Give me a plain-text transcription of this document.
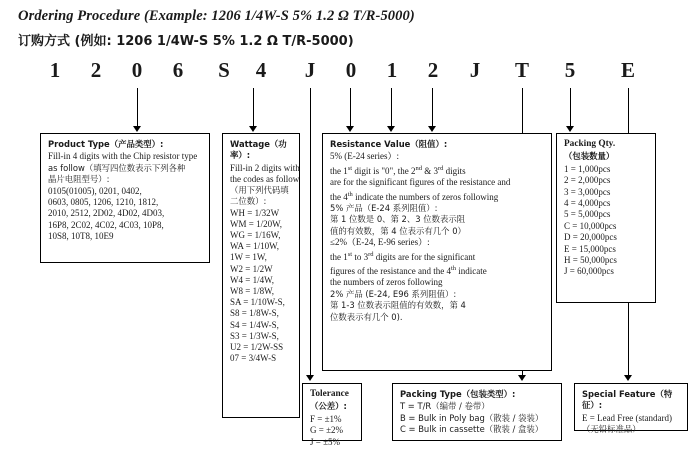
Ordering Procedure (Example: 1206 1/4W-S 5% 1.2 Ω T/R-5000)
订购方式 (例如: 1206 1/4W-S 5% 1.2 Ω T/R-5000)
1 2 0 6 S 4 J 0 1 2 J T 5 E
Product Type（产品类型）:
Fill-in 4 digits with the Chip resistor type
as follow（填写四位数表示下列各种
晶片电阻型号）:
0105(01005), 0201, 0402,
0603, 0805, 1206, 1210, 1812,
2010, 2512, 2D02, 4D02, 4D03,
16P8, 2C02, 4C02, 4C03, 10P8,
10S8, 10T8, 10E9
Wattage（功率）:
Fill-in 2 digits with
the codes as follow
（用下列代码填
二位数）:
WH = 1/32W
WM = 1/20W,
WG = 1/16W,
WA = 1/10W,
1W = 1W,
W2 = 1/2W
W4 = 1/4W,
W8 = 1/8W,
SA = 1/10W-S,
S8 = 1/8W-S,
S4 = 1/4W-S,
S3 = 1/3W-S,
U2 = 1/2W-SS
07 = 3/4W-S
Resistance Value（阻值）:
5% (E-24 series）:
the 1st digit is "0", the 2nd & 3rd digits
are for the significant figures of the resistance and
the 4th indicate the numbers of zeros following
5% 产品（E-24 系列阻值）:
第 1 位数是 0、第 2、3 位数表示阻
值的有效数，第 4 位表示有几个 0）
≤2%（E-24, E-96 series）:
the 1st to 3rd digits are for the significant
figures of the resistance and the 4th indicate
the numbers of zeros following
2% 产品 (E-24, E96 系列阻值）:
第 1-3 位数表示阻值的有效数，第 4
位数表示有几个 0).
Packing Qty.
（包装数量）
1 = 1,000pcs
2 = 2,000pcs
3 = 3,000pcs
4 = 4,000pcs
5 = 5,000pcs
C = 10,000pcs
D = 20,000pcs
E = 15,000pcs
H = 50,000pcs
J = 60,000pcs
Tolerance
（公差）:
F = ±1%
G = ±2%
J = ±5%
Packing Type（包装类型）:
T = T/R（编带 / 卷带）
B = Bulk in Poly bag（散装 / 袋装）
C = Bulk in cassette（散装 / 盒装）
Special Feature（特征）:
E = Lead Free (standard)
（无铅标准品）
